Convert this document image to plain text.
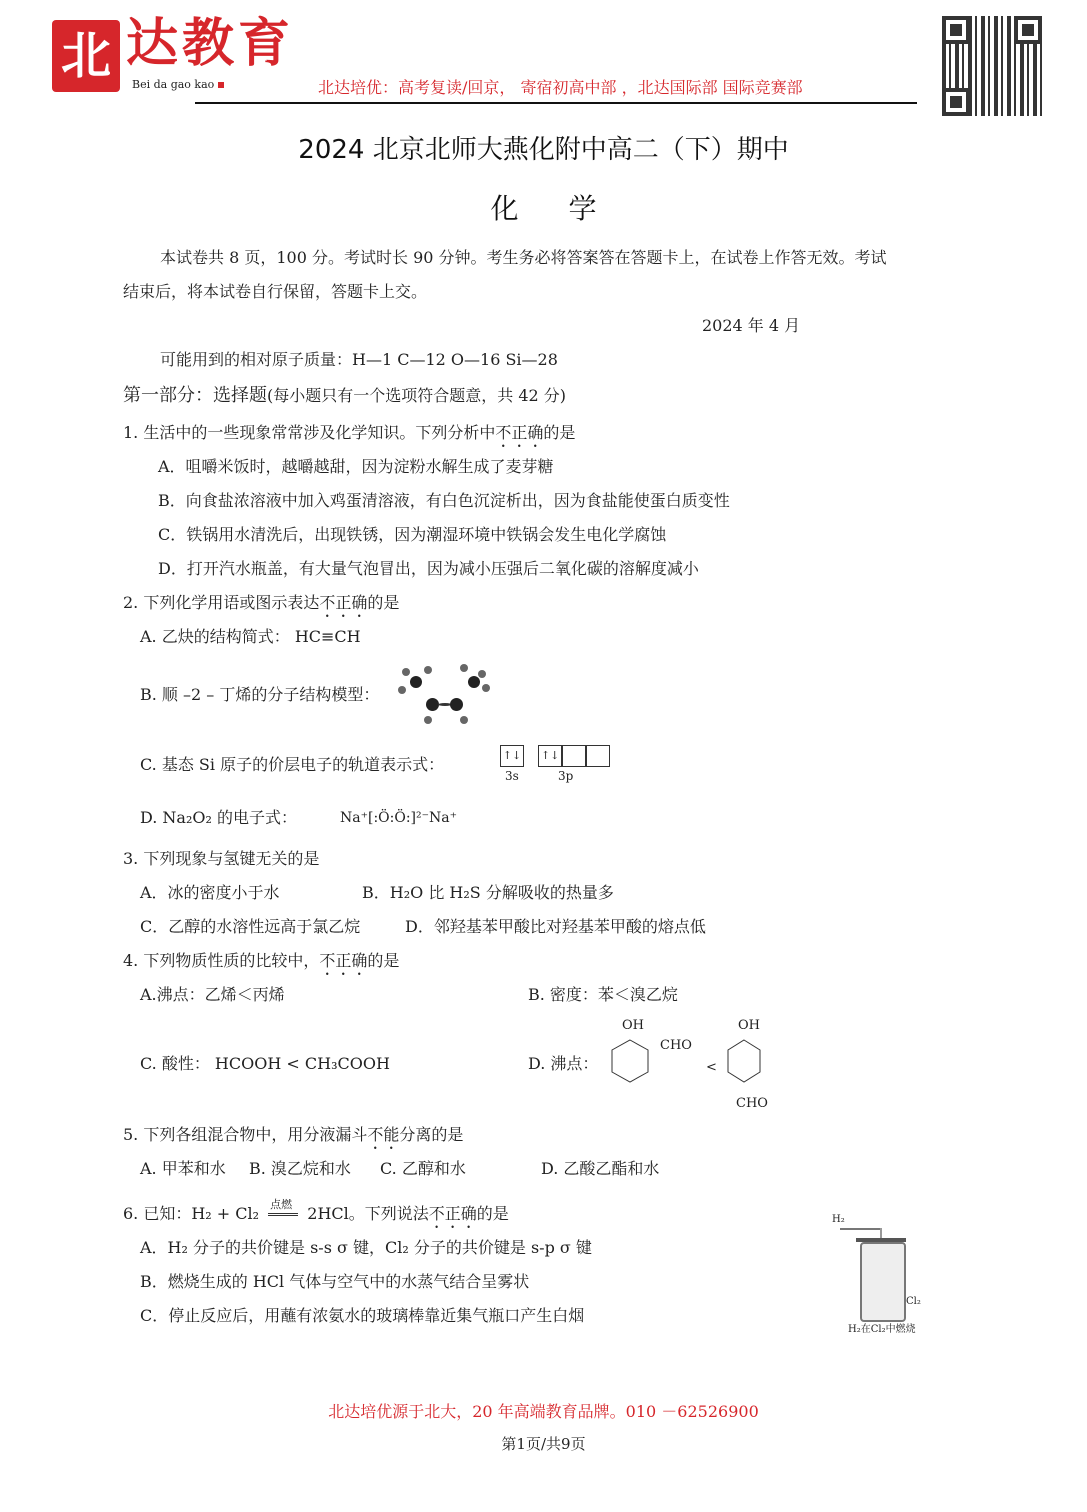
北 达教育
Bei da gao kao	北达培优：高考复读/回京， 寄宿初高中部 ，北达国际部 国际竞赛部
2024 北京北师大燕化附中高二（下）期中
化学
本试卷共 8 页，100 分。考试时长 90 分钟。考生务必将答案答在答题卡上，在试卷上作答无效。考试
结束后，将本试卷自行保留，答题卡上交。
2024 年 4 月
可能用到的相对原子质量：H—1 C—12 O—16 Si—28
第一部分：选择题(每小题只有一个选项符合题意，共 42 分)
1. 生活中的一些现象常常涉及化学知识。下列分析中不正确的是
A．咀嚼米饭时，越嚼越甜，因为淀粉水解生成了麦芽糖
B．向食盐浓溶液中加入鸡蛋清溶液，有白色沉淀析出，因为食盐能使蛋白质变性
C．铁锅用水清洗后，出现铁锈，因为潮湿环境中铁锅会发生电化学腐蚀
D．打开汽水瓶盖，有大量气泡冒出，因为减小压强后二氧化碳的溶解度减小
2. 下列化学用语或图示表达不正确的是
A. 乙炔的结构简式： HC≡CH
B. 顺 –2 – 丁烯的分子结构模型：
C. 基态 Si 原子的价层电子的轨道表示式：	↑↓ ↑↓
3s	3p
D. Na₂O₂ 的电子式：	Na⁺[:Ö:Ö:]²⁻Na⁺
3. 下列现象与氢键无关的是
A．冰的密度小于水	B．H₂O 比 H₂S 分解吸收的热量多
C．乙醇的水溶性远高于氯乙烷	D．邻羟基苯甲酸比对羟基苯甲酸的熔点低
4. 下列物质性质的比较中，不正确的是
A.沸点：乙烯＜丙烯	B. 密度：苯＜溴乙烷
C. 酸性： HCOOH < CH₃COOH	D. 沸点：
OH
CHO
<
OH
CHO
5. 下列各组混合物中，用分液漏斗不能分离的是
A. 甲苯和水 B. 溴乙烷和水 C. 乙醇和水	D. 乙酸乙酯和水
6. 已知：H₂ + Cl₂ 点燃 2HCl。下列说法不正确的是
A．H₂ 分子的共价键是 s-s σ 键，Cl₂ 分子的共价键是 s-p σ 键
B．燃烧生成的 HCl 气体与空气中的水蒸气结合呈雾状
C．停止反应后，用蘸有浓氨水的玻璃棒靠近集气瓶口产生白烟
H₂
Cl₂
H₂在Cl₂中燃烧
北达培优源于北大，20 年高端教育品牌。010 －62526900
第1页/共9页
